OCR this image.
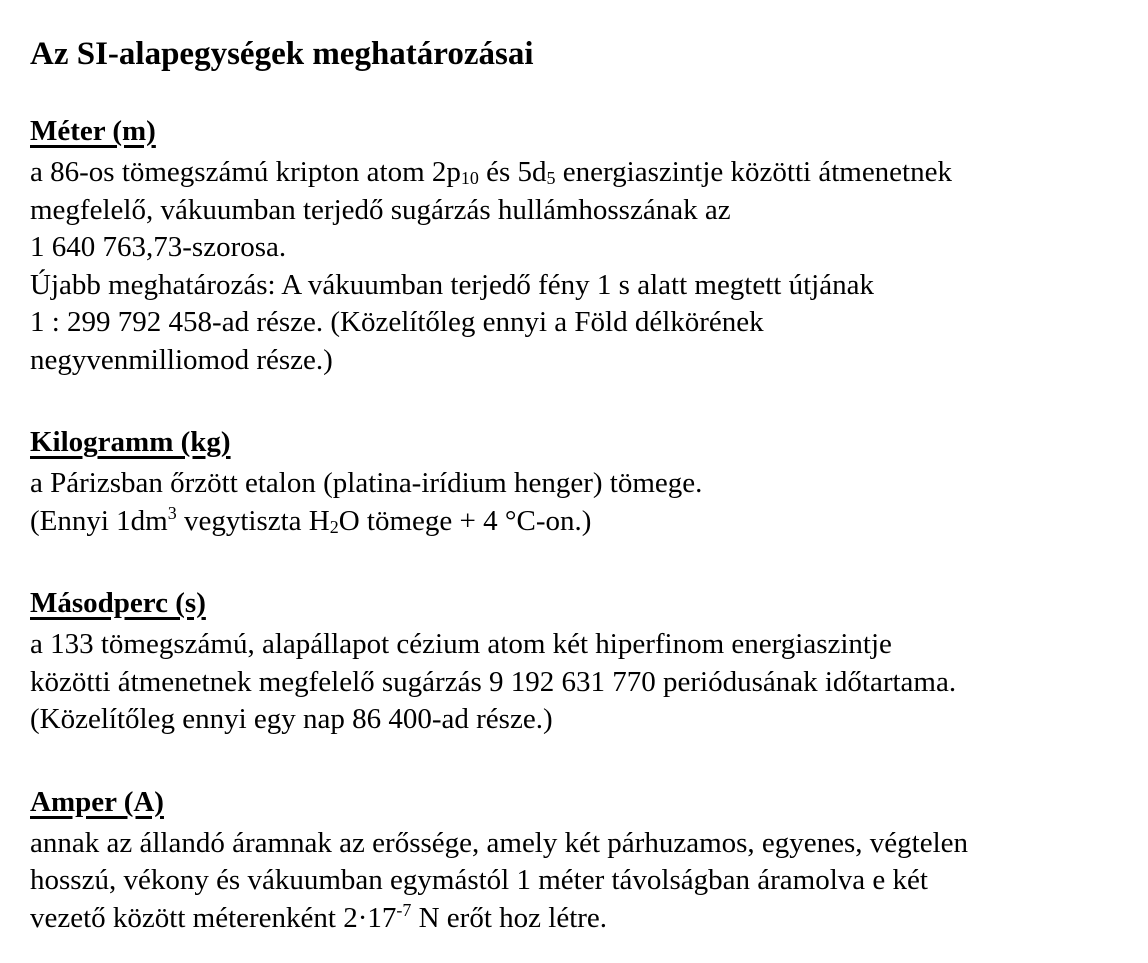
Az SI-alapegységek meghatározásai
Méter (m)

a 86-os tömegszámú kripton atom $2p_{10}$ és $5d_5$ energiaszintje közötti átmenetnek

megfelelő, vákuumban terjedő sugárzás hullámhosszának az

1 640 763,73-szorosa.

Újabb meghatározás: A vákuumban terjedő fény 1 s alatt megtett útjának

1 : 299 792 458-ad része. (Közelítőleg ennyi a Föld délkörének

negyvenmilliomod része.)

Kilogramm (kg)

a Párizsban őrzött etalon (platina-irídium henger) tömege.

(Ennyi $1dm^3$ vegytiszta $H_2O$ tömege + 4 °C-on.)

Másodperc (s)

a 133 tömegszámú, alapállapot cézium atom két hiperfinom energiaszintje

közötti átmenetnek megfelelő sugárzás 9 192 631 770 periódusának időtartama.

(Közelítőleg ennyi egy nap 86 400-ad része.)

Amper (A)

annak az állandó áramnak az erőssége, amely két párhuzamos, egyenes, végtelen

hosszú, vékony és vákuumban egymástól 1 méter távolságban áramolva e két

vezető között méterenként $2\cdot 17^{-7}$ N erőt hoz létre.
